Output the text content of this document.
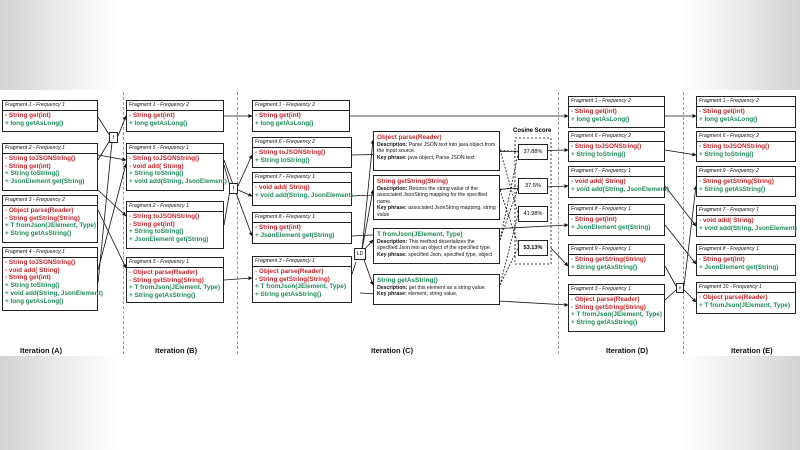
f
f
LD
f
Fragment 1 - Frequency 1
- String get(int)
+ long getAsLong()
Fragment 2 - Frequency 1
- String toJSONString()
- String get(int)
+ String toString()
+ JsonElement get(String)
Fragment 3 - Frequency 2
- Object parse(Reader)
- String getString(String)
+ T fromJson(JElement, Type)
+ String getAsString()
Fragment 4 - Frequency 1
- String toJSONString()
- void add( String)
- String get(int)
+ String toString()
+ void add(String, JsonElement)
+ long getAsLong()
Fragment 1 - Frequency 2
- String get(int)
+ long getAsLong()
Fragment 5 - Frequency 1
- String toJSONString()
- void add( String)
+ String toString()
+ void add(String, JsonElement)
Fragment 2 - Frequency 1
- String toJSONString()
- String get(int)
+ String toString()
+ JsonElement get(String)
Fragment 3 - Frequency 1
- Object parse(Reader)
- String getString(String)
+ T fromJson(JElement, Type)
+ String getAsString()
Fragment 1 - Frequency 2
- String get(int)
+ long getAsLong()
Fragment 6 - Frequency 2
- String toJSONString()
+ String toString()
Fragment 7 - Frequency 1
- void add( String)
+ void add(String, JsonElement)
Fragment 8 - Frequency 1
- String get(int)
+ JsonElement get(String)
Fragment 3 - Frequency 1
- Object parse(Reader)
- String getString(String)
+ T fromJson(JElement, Type)
+ String getAsString()
Object parse(Reader)
Description: Parse JSON text into java object from the input source.
Key phrase: java object, Parse JSON text
String getString(String)
Description: Returns the string value of the associated JsonString mapping for the specified name.
Key phrase: associated JsonString mapping, string value
T fromJson(JElement, Type)
Description: This method deserializes the specified Json into an object of the specified type.
Key phrase: specified Json, specified type, object
String getAsString()
Description: get this element as a string value.
Key phrase: element, string value,
Cosine Score
37.88%
37.5%
41.98%
53.13%
Fragment 1 - Frequency 2
- String get(int)
+ long getAsLong()
Fragment 6 - Frequency 2
- String toJSONString()
+ String toString()
Fragment 7 - Frequency 1
- void add( String)
+ void add(String, JsonElement)
Fragment 8 - Frequency 1
- String get(int)
+ JsonElement get(String)
Fragment 9 - Frequency 1
- String getString(String)
+ String getAsString()
Fragment 3 - Frequency 1
- Object parse(Reader)
- String getString(String)
+ T fromJson(JElement, Type)
+ String getAsString()
Fragment 1 - Frequency 2
- String get(int)
+ long getAsLong()
Fragment 6 - Frequency 2
- String toJSONString()
+ String toString()
Fragment 9 - Frequency 2
- String getString(String)
+ String getAsString()
Fragment 7 - Frequency 1
- void add( String)
+ void add(String, JsonElement)
Fragment 8 - Frequency 1
- String get(int)
+ JsonElement get(String)
Fragment 10 - Frequency 1
- Object parse(Reader)
+ T fromJson(JElement, Type)
Iteration (A)	Iteration (B)	Iteration (C)	Iteration (D)	Iteration (E)
